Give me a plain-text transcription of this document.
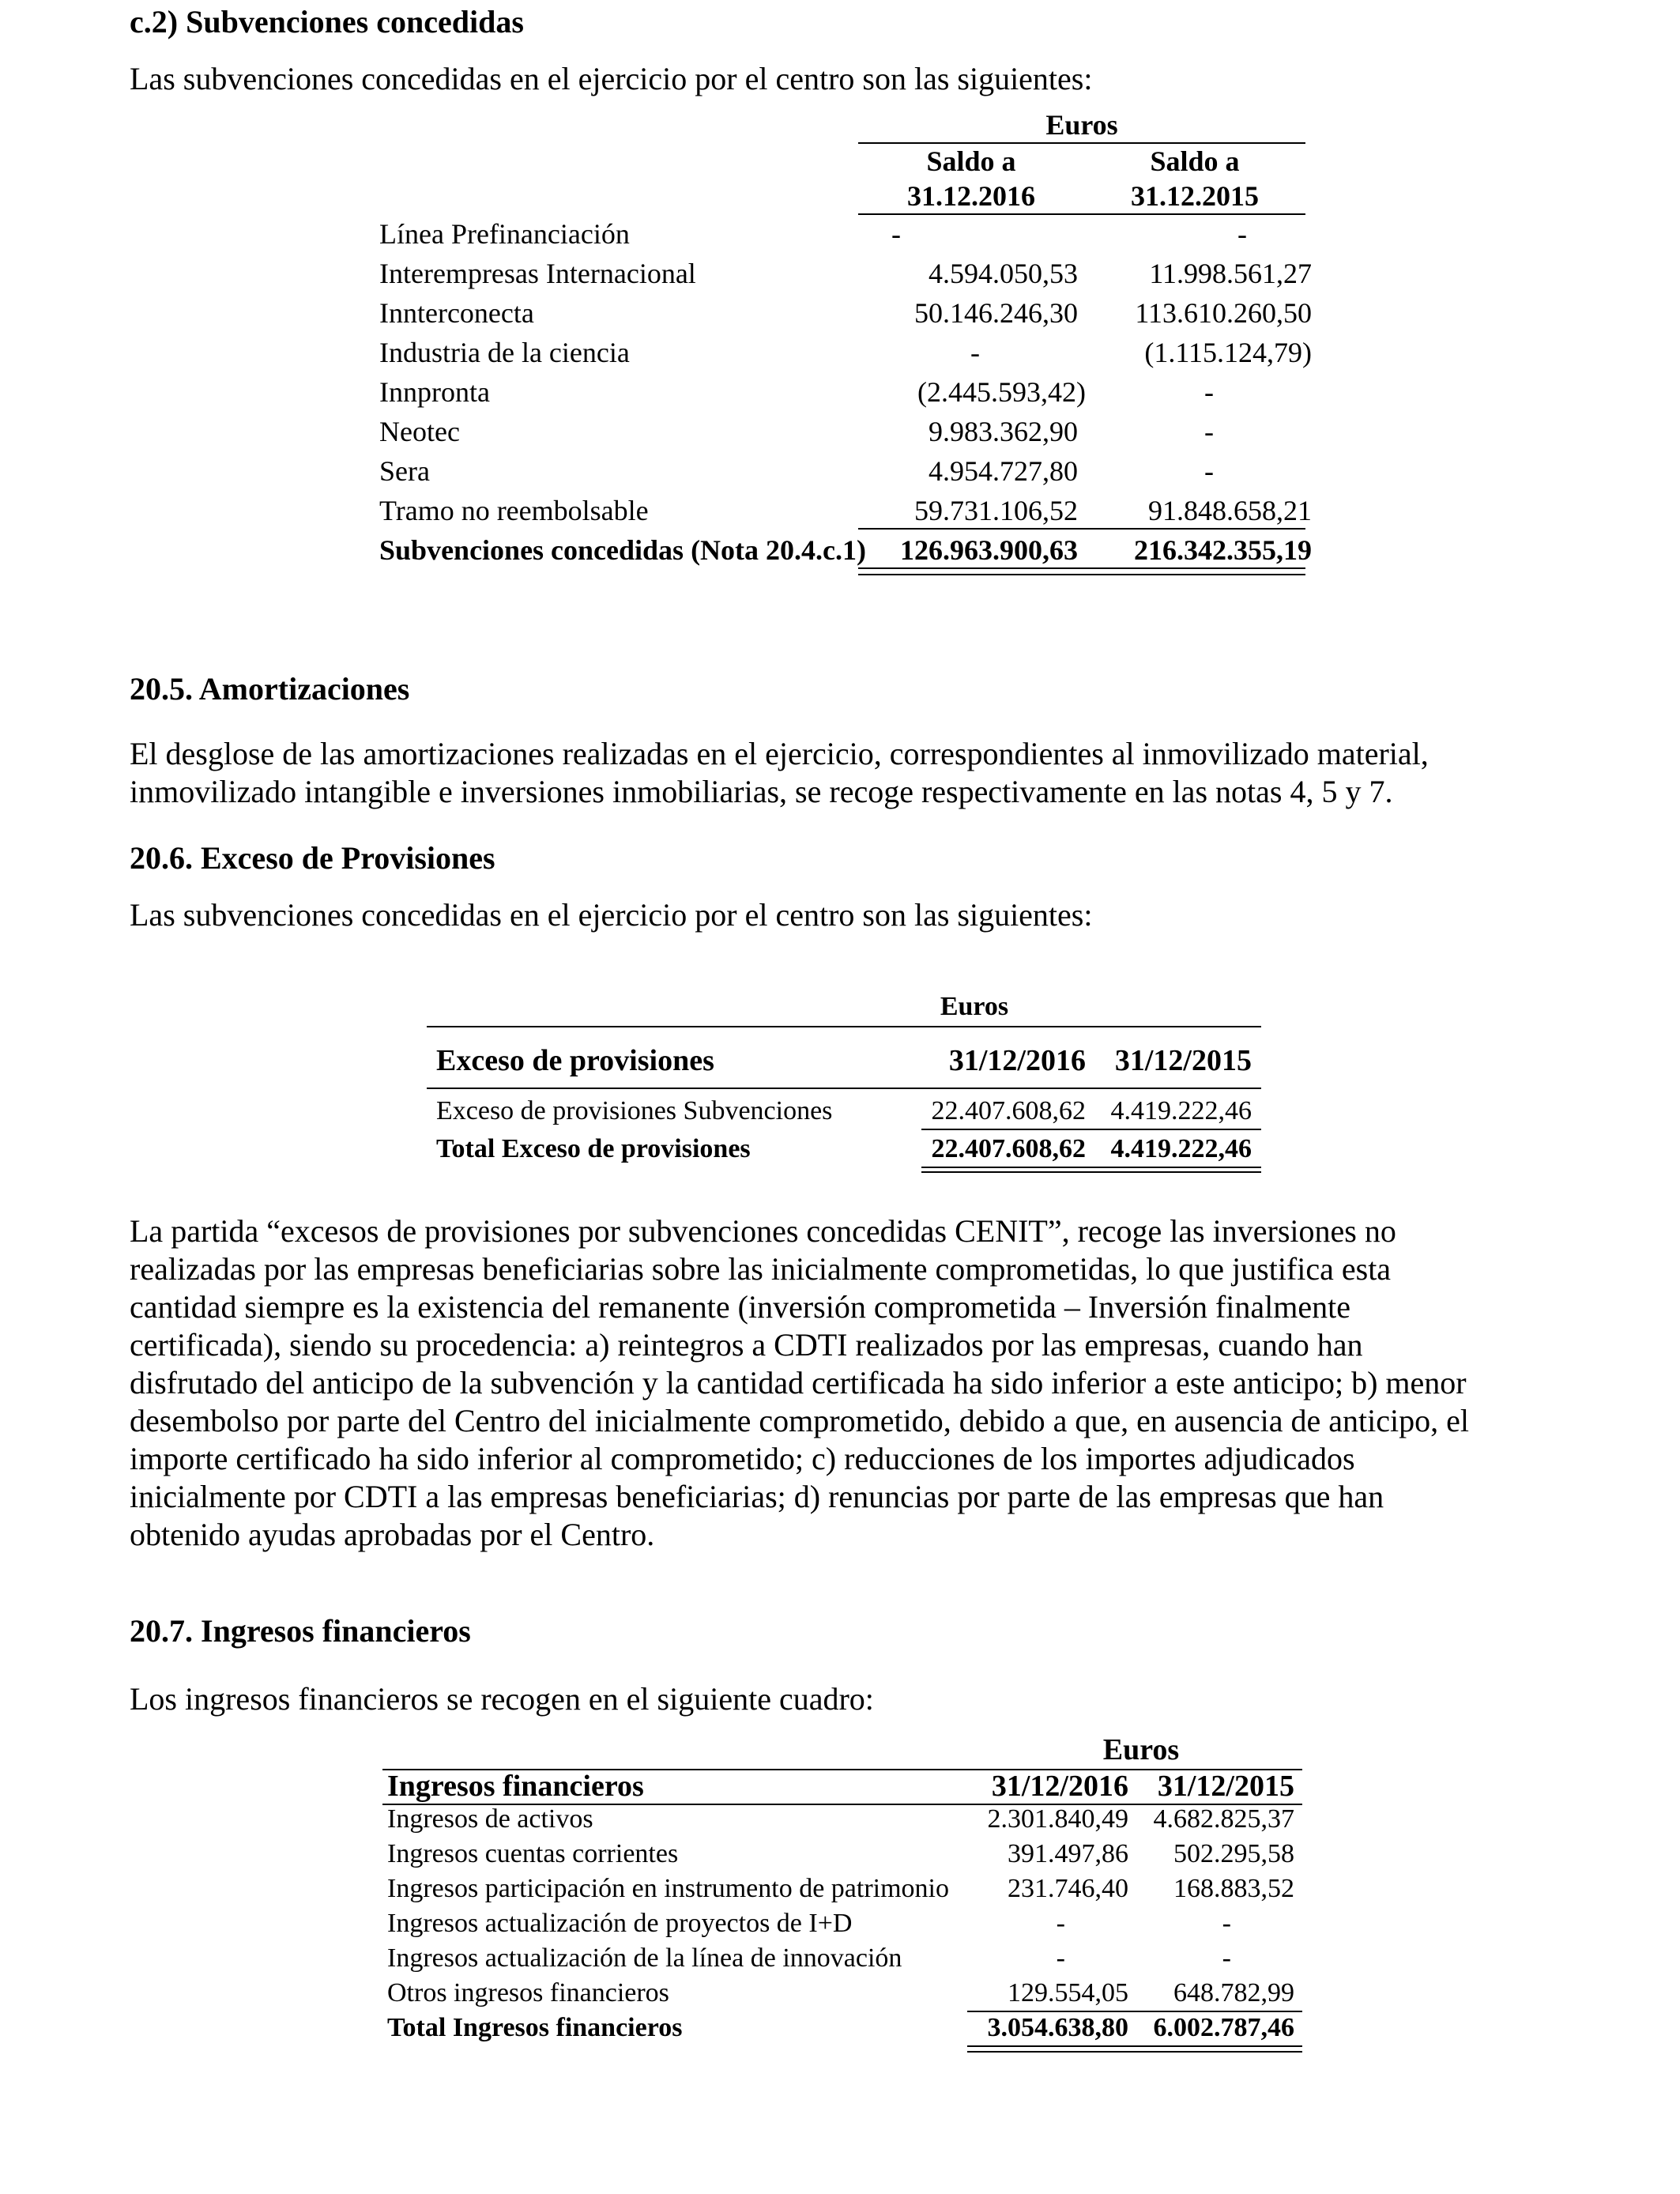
c.2) Subvenciones concedidas
Las subvenciones concedidas en el ejercicio por el centro son las siguientes:
Euros
Saldo a
31.12.2016
Saldo a
31.12.2015
Línea Prefinanciación	-	-
Interempresas Internacional	4.594.050,53	11.998.561,27
Innterconecta	50.146.246,30 113.610.260,50
Industria de la ciencia	-	(1.115.124,79)
Innpronta	(2.445.593,42)	-
Neotec	9.983.362,90	-
Sera	4.954.727,80	-
Tramo no reembolsable	59.731.106,52 91.848.658,21
Subvenciones concedidas (Nota 20.4.c.1) 126.963.900,63 216.342.355,19
20.5. Amortizaciones
El desglose de las amortizaciones realizadas en el ejercicio, correspondientes al inmovilizado material,
inmovilizado intangible e inversiones inmobiliarias, se recoge respectivamente en las notas 4, 5 y 7.
20.6. Exceso de Provisiones
Las subvenciones concedidas en el ejercicio por el centro son las siguientes:
Euros
Exceso de provisiones	31/12/2016 31/12/2015
Exceso de provisiones Subvenciones	22.407.608,62 4.419.222,46
Total Exceso de provisiones	22.407.608,62 4.419.222,46
La partida “excesos de provisiones por subvenciones concedidas CENIT”, recoge las inversiones no
realizadas por las empresas beneficiarias sobre las inicialmente comprometidas, lo que justifica esta
cantidad siempre es la existencia del remanente (inversión comprometida – Inversión finalmente
certificada), siendo su procedencia: a) reintegros a CDTI realizados por las empresas, cuando han
disfrutado del anticipo de la subvención y la cantidad certificada ha sido inferior a este anticipo; b) menor
desembolso por parte del Centro del inicialmente comprometido, debido a que, en ausencia de anticipo, el
importe certificado ha sido inferior al comprometido; c) reducciones de los importes adjudicados
inicialmente por CDTI a las empresas beneficiarias; d) renuncias por parte de las empresas que han
obtenido ayudas aprobadas por el Centro.
20.7. Ingresos financieros
Los ingresos financieros se recogen en el siguiente cuadro:
Euros
Ingresos financieros	31/12/2016 31/12/2015
Ingresos de activos	2.301.840,49 4.682.825,37
Ingresos cuentas corrientes	391.497,86 502.295,58
Ingresos participación en instrumento de patrimonio 231.746,40 168.883,52
Ingresos actualización de proyectos de I+D	-	-
Ingresos actualización de la línea de innovación	-	-
Otros ingresos financieros	129.554,05 648.782,99
Total Ingresos financieros	3.054.638,80 6.002.787,46
